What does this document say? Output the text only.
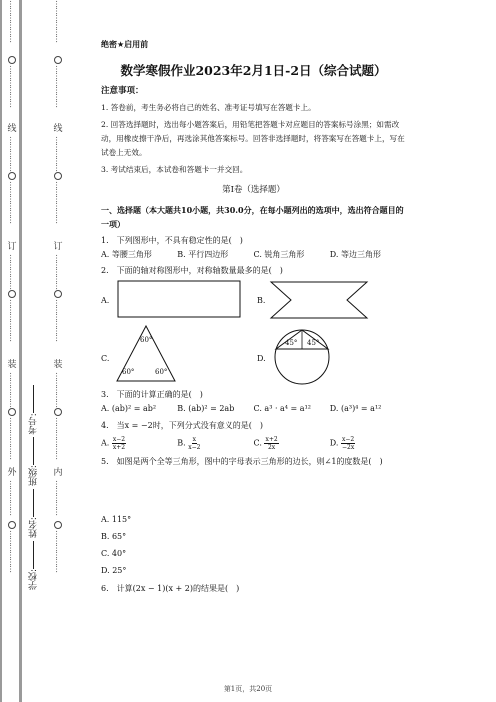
………………
………………
线
……………
………………
订
……………
………………
装
……………
………………
外
……………
………………
学校: 姓名: 班级: 考号:
………………
………………
线
……………
………………
订
……………
………………
装
……………
………………
内
……………
………………
绝密★启用前
数学寒假作业2023年2月1日-2日（综合试题）
注意事项：
1. 答卷前，考生务必将自己的姓名、准考证号填写在答题卡上。
2. 回答选择题时，选出每小题答案后，用铅笔把答题卡对应题目的答案标号涂黑；如需改动，用橡皮擦干净后，再选涂其他答案标号。回答非选择题时，将答案写在答题卡上，写在试卷上无效。
3. 考试结束后，本试卷和答题卡一并交回。
第I卷（选择题）
一、选择题（本大题共10小题，共30.0分，在每小题列出的选项中，选出符合题目的一项）
1.　下列图形中，不具有稳定性的是(　)
A. 等腰三角形	B. 平行四边形	C. 锐角三角形	D. 等边三角形
2.　下面的轴对称图形中，对称轴数量最多的是(　)
A.	B.
C.
60°
60°	60°
D.
45° 45°
3.　下面的计算正确的是(　)
A. (ab)² = ab²	B. (ab)² = 2ab	C. a³ · a⁴ = a¹²	D. (a³)⁴ = a¹²
4.　当x = −2时，下列分式没有意义的是(　)
A. $\frac{x-2}{x+2}$	B. $\frac{x}{x-2}$	C. $\frac{x+2}{2x}$	D. $\frac{x-2}{-2x}$
5.　如图是两个全等三角形，图中的字母表示三角形的边长，则∠1的度数是(　)
A. 115°
B. 65°
C. 40°
D. 25°
6.　计算(2x − 1)(x + 2)的结果是(　)
第1页，共20页
